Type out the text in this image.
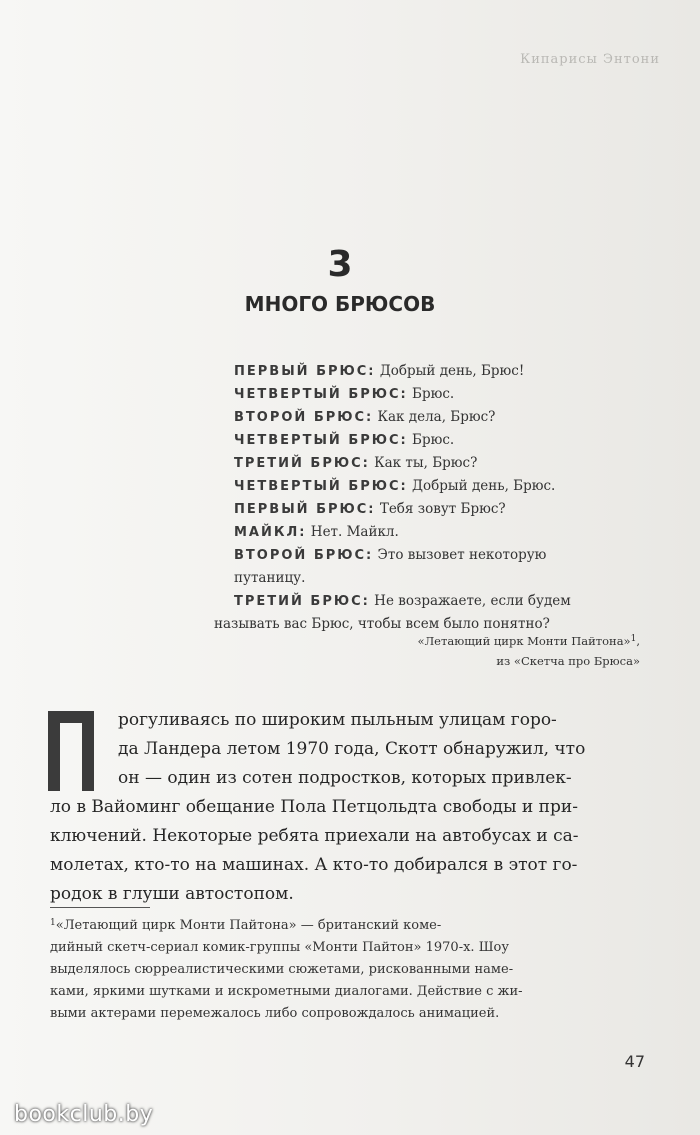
Кипарисы Энтони
3
МНОГО БРЮСОВ
ПЕРВЫЙ БРЮС: Добрый день, Брюс!
ЧЕТВЕРТЫЙ БРЮС: Брюс.
ВТОРОЙ БРЮС: Как дела, Брюс?
ЧЕТВЕРТЫЙ БРЮС: Брюс.
ТРЕТИЙ БРЮС: Как ты, Брюс?
ЧЕТВЕРТЫЙ БРЮС: Добрый день, Брюс.
ПЕРВЫЙ БРЮС: Тебя зовут Брюс?
МАЙКЛ: Нет. Майкл.
ВТОРОЙ БРЮС: Это вызовет некоторую
путаницу.
ТРЕТИЙ БРЮС: Не возражаете, если будем
называть вас Брюс, чтобы всем было понятно?
«Летающий цирк Монти Пайтона»$^1$,
из «Скетча про Брюса»
рогуливаясь по широким пыльным улицам горо-
да Ландера летом 1970 года, Скотт обнаружил, что
он — один из сотен подростков, которых привлек-
ло в Вайоминг обещание Пола Петцольдта свободы и при-
ключений. Некоторые ребята приехали на автобусах и са-
молетах, кто-то на машинах. А кто-то добирался в этот го-
родок в глуши автостопом.
$^1$«Летающий цирк Монти Пайтона» — британский коме-
дийный скетч-сериал комик-группы «Монти Пайтон» 1970-х. Шоу
выделялось сюрреалистическими сюжетами, рискованными наме-
ками, яркими шутками и искрометными диалогами. Действие с жи-
выми актерами перемежалось либо сопровождалось анимацией.
47
bookclub.by
